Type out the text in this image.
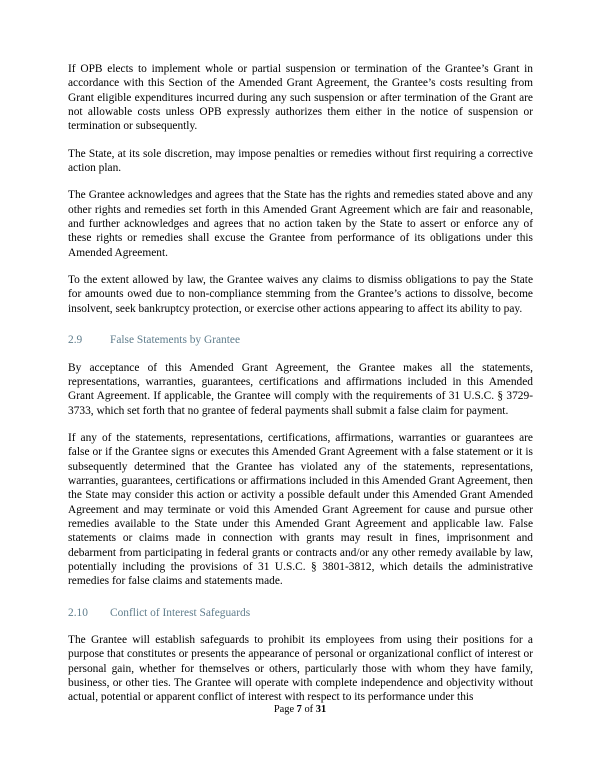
If OPB elects to implement whole or partial suspension or termination of the Grantee’s Grant in accordance with this Section of the Amended Grant Agreement, the Grantee’s costs resulting from Grant eligible expenditures incurred during any such suspension or after termination of the Grant are not allowable costs unless OPB expressly authorizes them either in the notice of suspension or termination or subsequently.

The State, at its sole discretion, may impose penalties or remedies without first requiring a corrective action plan.

The Grantee acknowledges and agrees that the State has the rights and remedies stated above and any other rights and remedies set forth in this Amended Grant Agreement which are fair and reasonable, and further acknowledges and agrees that no action taken by the State to assert or enforce any of these rights or remedies shall excuse the Grantee from performance of its obligations under this Amended Agreement.

To the extent allowed by law, the Grantee waives any claims to dismiss obligations to pay the State for amounts owed due to non-compliance stemming from the Grantee’s actions to dissolve, become insolvent, seek bankruptcy protection, or exercise other actions appearing to affect its ability to pay.

2.9 False Statements by Grantee

By acceptance of this Amended Grant Agreement, the Grantee makes all the statements, representations, warranties, guarantees, certifications and affirmations included in this Amended Grant Agreement. If applicable, the Grantee will comply with the requirements of 31 U.S.C. § 3729-3733, which set forth that no grantee of federal payments shall submit a false claim for payment.

If any of the statements, representations, certifications, affirmations, warranties or guarantees are false or if the Grantee signs or executes this Amended Grant Agreement with a false statement or it is subsequently determined that the Grantee has violated any of the statements, representations, warranties, guarantees, certifications or affirmations included in this Amended Grant Agreement, then the State may consider this action or activity a possible default under this Amended Grant Amended Agreement and may terminate or void this Amended Grant Agreement for cause and pursue other remedies available to the State under this Amended Grant Agreement and applicable law. False statements or claims made in connection with grants may result in fines, imprisonment and debarment from participating in federal grants or contracts and/or any other remedy available by law, potentially including the provisions of 31 U.S.C. § 3801-3812, which details the administrative remedies for false claims and statements made.

2.10 Conflict of Interest Safeguards

The Grantee will establish safeguards to prohibit its employees from using their positions for a purpose that constitutes or presents the appearance of personal or organizational conflict of interest or personal gain, whether for themselves or others, particularly those with whom they have family, business, or other ties. The Grantee will operate with complete independence and objectivity without actual, potential or apparent conflict of interest with respect to its performance under this

Page 7 of 31
